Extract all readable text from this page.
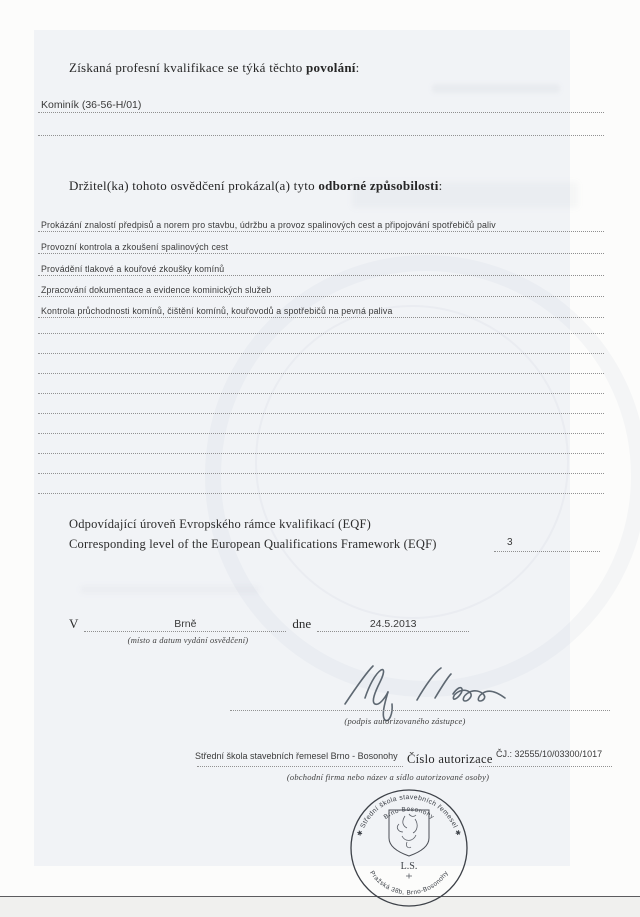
Získaná profesní kvalifikace se týká těchto povolání:
Kominík (36-56-H/01)
Držitel(ka) tohoto osvědčení prokázal(a) tyto odborné způsobilosti:
Prokázání znalostí předpisů a norem pro stavbu, údržbu a provoz spalinových cest a připojování spotřebičů paliv
Provozní kontrola a zkoušení spalinových cest
Provádění tlakové a kouřové zkoušky komínů
Zpracování dokumentace a evidence kominických služeb
Kontrola průchodnosti komínů, čištění komínů, kouřovodů a spotřebičů na pevná paliva
Odpovídající úroveň Evropského rámce kvalifikací (EQF)
Corresponding level of the European Qualifications Framework (EQF)	3
V	Brně	dne	24.5.2013
(místo a datum vydání osvědčení)
(podpis autorizovaného zástupce)
Střední škola stavebních řemesel Brno - Bosonohy Číslo autorizace ČJ.: 32555/10/03300/1017
(obchodní firma nebo název a sídlo autorizované osoby)
✱ Střední škola stavebních řemesel ✱
Brno-Bosonohy
Pražská 38b, Brno-Bosonohy
L.S.
